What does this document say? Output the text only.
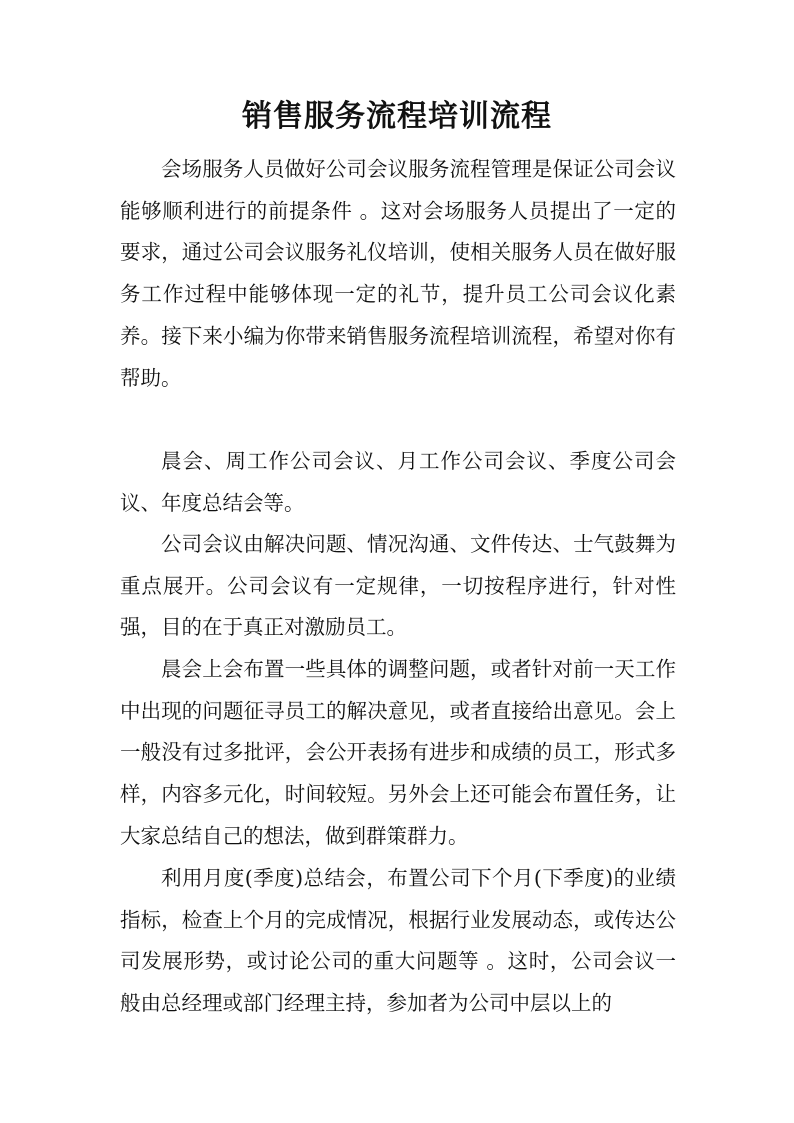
销售服务流程培训流程

会场服务人员做好公司会议服务流程管理是保证公司会议能够顺利进行的前提条件 。这对会场服务人员提出了一定的要求，通过公司会议服务礼仪培训，使相关服务人员在做好服务工作过程中能够体现一定的礼节，提升员工公司会议化素养。接下来小编为你带来销售服务流程培训流程，希望对你有帮助。

晨会、周工作公司会议、月工作公司会议、季度公司会议、年度总结会等。

公司会议由解决问题、情况沟通、文件传达、士气鼓舞为重点展开。公司会议有一定规律，一切按程序进行，针对性强，目的在于真正对激励员工。

晨会上会布置一些具体的调整问题，或者针对前一天工作中出现的问题征寻员工的解决意见，或者直接给出意见。会上一般没有过多批评，会公开表扬有进步和成绩的员工，形式多样，内容多元化，时间较短。另外会上还可能会布置任务，让大家总结自己的想法，做到群策群力。

利用月度(季度)总结会，布置公司下个月(下季度)的业绩指标，检查上个月的完成情况，根据行业发展动态，或传达公司发展形势，或讨论公司的重大问题等 。这时，公司会议一般由总经理或部门经理主持，参加者为公司中层以上的
